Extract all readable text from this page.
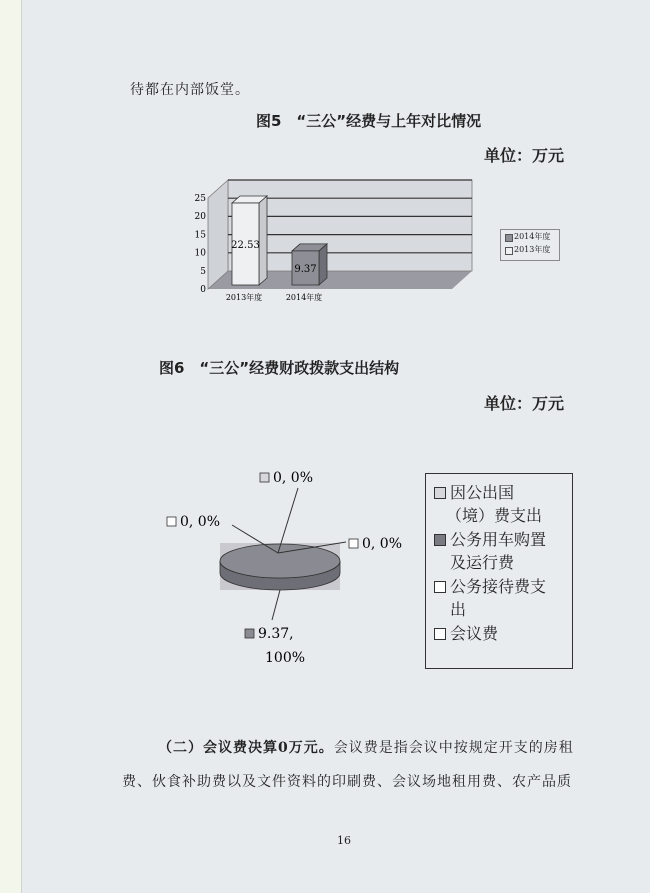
待都在内部饭堂。
图5　“三公”经费与上年对比情况
单位：万元
0
5
10
15
20
25
22.53
9.37
2013年度	2014年度
2014年度
2013年度
图6　“三公”经费财政拨款支出结构
单位：万元
0, 0%
0, 0%
0, 0%
9.37,
100%
因公出国
（境）费支出
公务用车购置
及运行费
公务接待费支
出
会议费
（二）会议费决算0万元。会议费是指会议中按规定开支的房租
费、伙食补助费以及文件资料的印刷费、会议场地租用费、农产品质
16
